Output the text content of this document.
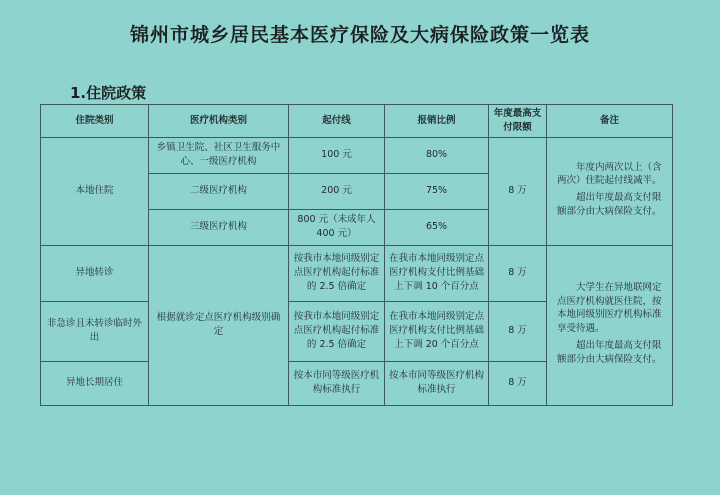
锦州市城乡居民基本医疗保险及大病保险政策一览表
1.住院政策
住院类别	医疗机构类别	起付线	报销比例	年度最高支付限额	备注
本地住院	乡镇卫生院、社区卫生服务中心、一级医疗机构	100 元	80%	8 万	年度内两次以上（含两次）住院起付线减半。

超出年度最高支付限额部分由大病保险支付。

	二级医疗机构	200 元	75%		
	三级医疗机构	800 元（未成年人 400 元）	65%		
异地转诊	根据就诊定点医疗机构级别确定	按我市本地同级别定点医疗机构起付标准的 2.5 倍确定	在我市本地同级别定点医疗机构支付比例基础上下调 10 个百分点	8 万	大学生在异地联网定点医疗机构就医住院，按本地同级别医疗机构标准享受待遇。

超出年度最高支付限额部分由大病保险支付。

非急诊且未转诊临时外出		按我市本地同级别定点医疗机构起付标准的 2.5 倍确定	在我市本地同级别定点医疗机构支付比例基础上下调 20 个百分点	8 万	
异地长期居住		按本市同等级医疗机构标准执行	按本市同等级医疗机构标准执行	8 万	
